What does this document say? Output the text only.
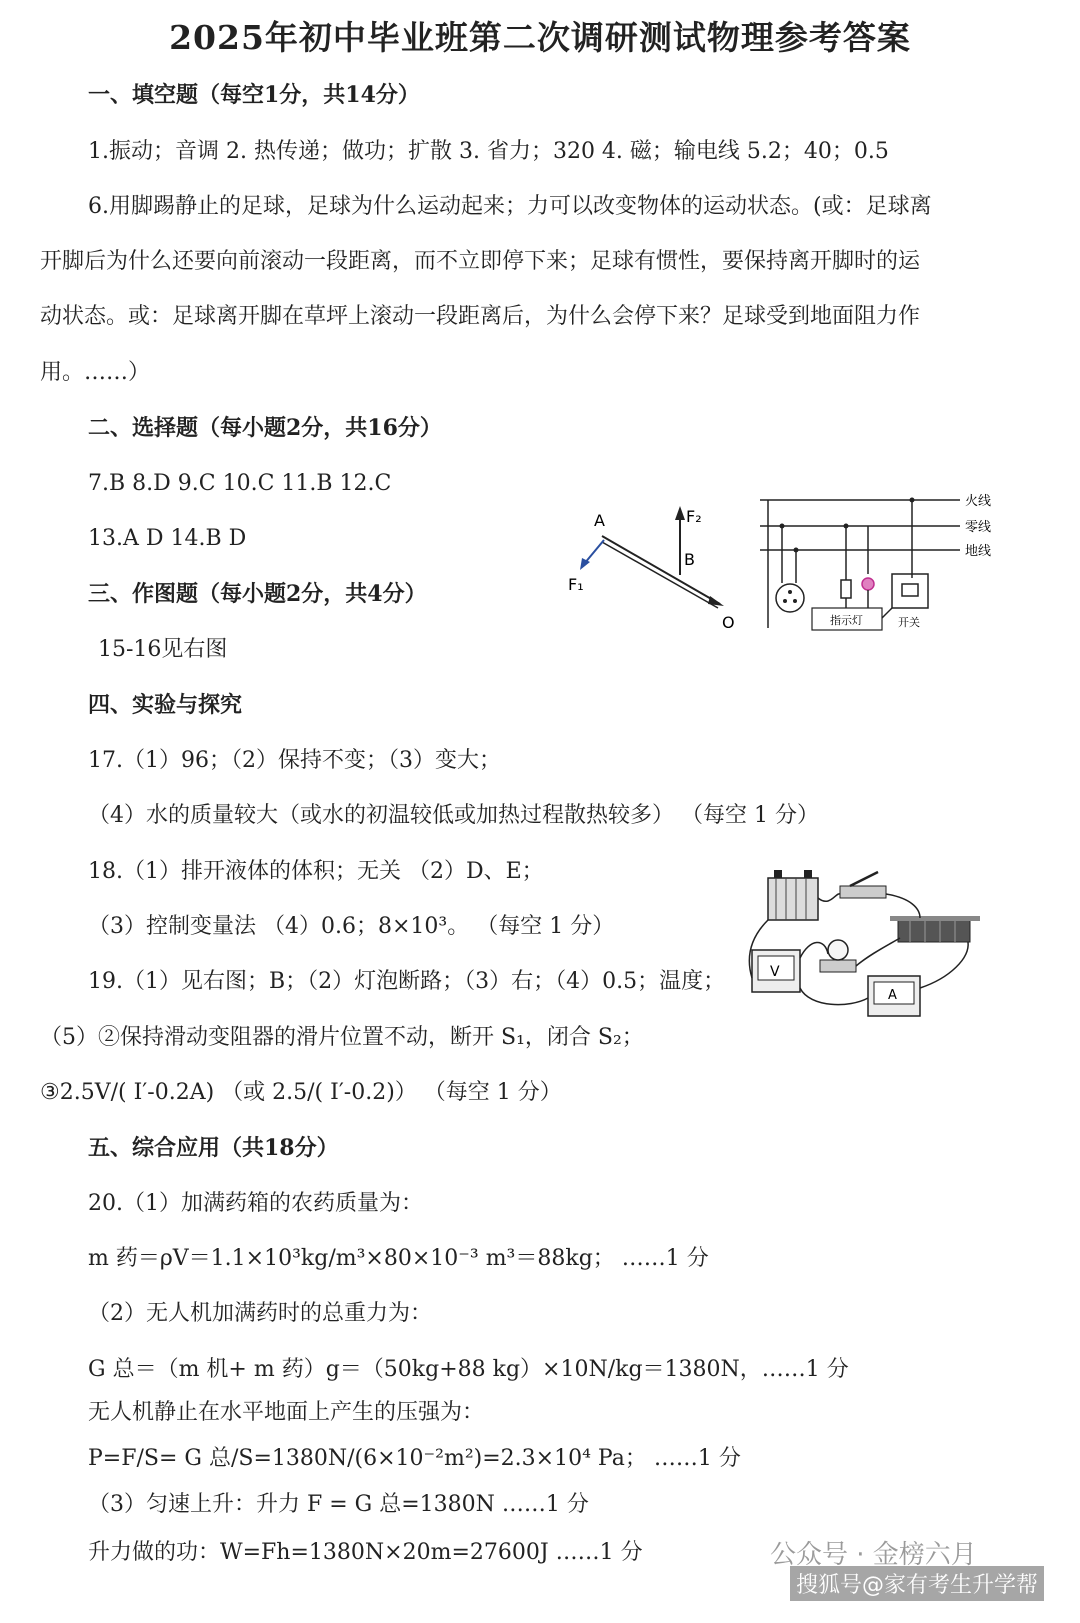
2025年初中毕业班第二次调研测试物理参考答案
一、填空题（每空1分，共14分）
1.振动；音调 2. 热传递；做功；扩散 3. 省力；320 4. 磁；输电线 5.2；40；0.5
6.用脚踢静止的足球，足球为什么运动起来；力可以改变物体的运动状态。(或：足球离
开脚后为什么还要向前滚动一段距离，而不立即停下来；足球有惯性，要保持离开脚时的运
动状态。或：足球离开脚在草坪上滚动一段距离后，为什么会停下来？足球受到地面阻力作
用。……）
二、选择题（每小题2分，共16分）
7.B 8.D 9.C 10.C 11.B 12.C
13.A D 14.B D
三、作图题（每小题2分，共4分）
15-16见右图
四、实验与探究
17.（1）96；（2）保持不变；（3）变大；
（4）水的质量较大（或水的初温较低或加热过程散热较多） （每空 1 分）
18.（1）排开液体的体积；无关 （2）D、E；
（3）控制变量法 （4）0.6；8×10³。 （每空 1 分）
19.（1）见右图；B；（2）灯泡断路；（3）右；（4）0.5；温度；
（5）②保持滑动变阻器的滑片位置不动，断开 S₁，闭合 S₂；
③2.5V/( I′-0.2A) （或 2.5/( I′-0.2)） （每空 1 分）
五、综合应用（共18分）
20.（1）加满药箱的农药质量为：
m 药＝ρV＝1.1×10³kg/m³×80×10⁻³ m³＝88kg； ……1 分
（2）无人机加满药时的总重力为：
G 总＝（m 机+ m 药）g＝（50kg+88 kg）×10N/kg＝1380N，……1 分
无人机静止在水平地面上产生的压强为：
P=F/S= G 总/S=1380N/(6×10⁻²m²)=2.3×10⁴ Pa； ……1 分
（3）匀速上升：升力 F = G 总=1380N ……1 分
升力做的功：W=Fh=1380N×20m=27600J ……1 分
A
B
O
F₁
F₂
火线
零线
地线
指示灯	开关
V
A
公众号 · 金榜六月
搜狐号@家有考生升学帮
